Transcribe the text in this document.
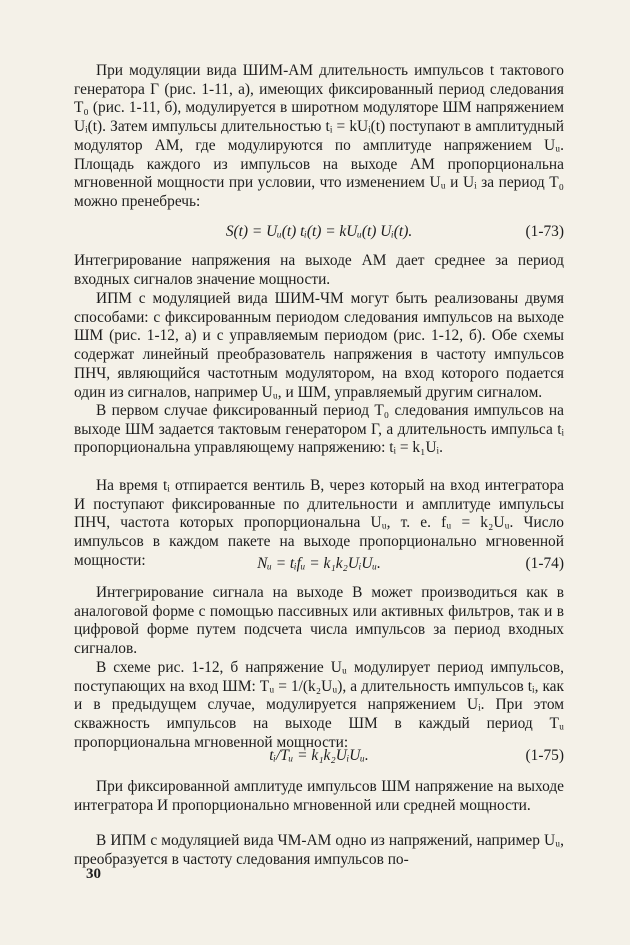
При модуляции вида ШИМ-АМ длительность импульсов t тактового генератора Г (рис. 1-11, а), имеющих фиксированный период следования T₀ (рис. 1-11, б), модулируется в широтном модуляторе ШМ напряжением Uᵢ(t). Затем импульсы длительностью tᵢ = kUᵢ(t) поступают в амплитудный модулятор АМ, где модулируются по амплитуде напряжением Uᵤ. Площадь каждого из импульсов на выходе АМ пропорциональна мгновенной мощности при условии, что изменением Uᵤ и Uᵢ за период T₀ можно пренебречь:

S(t) = Uᵤ(t) tᵢ(t) = kUᵤ(t) Uᵢ(t).	(1-73)

Интегрирование напряжения на выходе АМ дает среднее за период входных сигналов значение мощности.

ИПМ с модуляцией вида ШИМ-ЧМ могут быть реализованы двумя способами: с фиксированным периодом следования импульсов на выходе ШМ (рис. 1-12, а) и с управляемым периодом (рис. 1-12, б). Обе схемы содержат линейный преобразователь напряжения в частоту импульсов ПНЧ, являющийся частотным модулятором, на вход которого подается один из сигналов, например Uᵤ, и ШМ, управляемый другим сигналом.

В первом случае фиксированный период T₀ следования импульсов на выходе ШМ задается тактовым генератором Г, а длительность импульса tᵢ пропорциональна управляющему напряжению: tᵢ = k₁Uᵢ.

На время tᵢ отпирается вентиль В, через который на вход интегратора И поступают фиксированные по длительности и амплитуде импульсы ПНЧ, частота которых пропорциональна Uᵤ, т. е. fᵤ = k₂Uᵤ. Число импульсов в каждом пакете на выходе пропорционально мгновенной мощности:	Nᵤ = tᵢfᵤ = k₁k₂UᵢUᵤ.	(1-74)

Интегрирование сигнала на выходе В может производиться как в аналоговой форме с помощью пассивных или активных фильтров, так и в цифровой форме путем подсчета числа импульсов за период входных сигналов.

В схеме рис. 1-12, б напряжение Uᵤ модулирует период импульсов, поступающих на вход ШМ: Tᵤ = 1/(k₂Uᵤ), а длительность импульсов tᵢ, как и в предыдущем случае, модулируется напряжением Uᵢ. При этом скважность импульсов на выходе ШМ в каждый период Tᵤ пропорциональна мгновенной мощности:

tᵢ/Tᵤ = k₁k₂UᵢUᵤ.	(1-75)

При фиксированной амплитуде импульсов ШМ напряжение на выходе интегратора И пропорционально мгновенной или средней мощности.

В ИПМ с модуляцией вида ЧМ-АМ одно из напряжений, например Uᵤ, преобразуется в частоту следования импульсов по-

30
